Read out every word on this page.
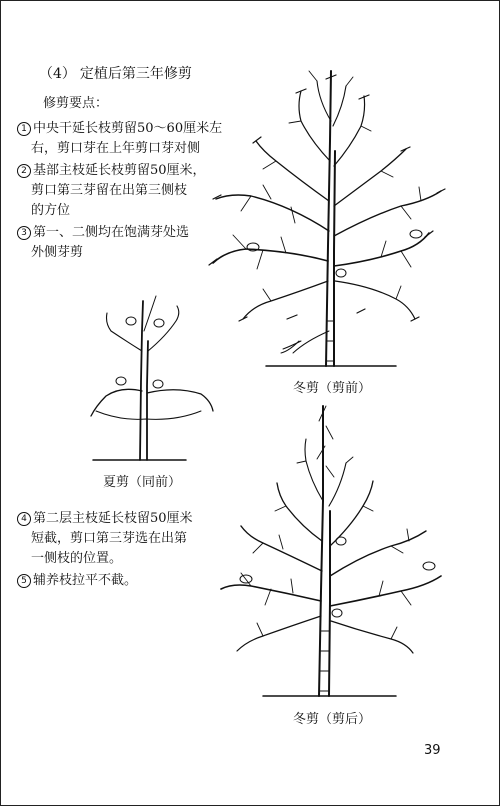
（4） 定植后第三年修剪
修剪要点：
1 中央干延长枝剪留50～60厘米左
右，剪口芽在上年剪口芽对侧
2 基部主枝延长枝剪留50厘米，
剪口第三芽留在出第三侧枝
的方位
3 第一、二侧均在饱满芽处选
外侧芽剪
4 第二层主枝延长枝留50厘米
短截，剪口第三芽选在出第
一侧枝的位置。
5 辅养枝拉平不截。
冬剪（剪前）
夏剪（同前）
冬剪（剪后）
39
